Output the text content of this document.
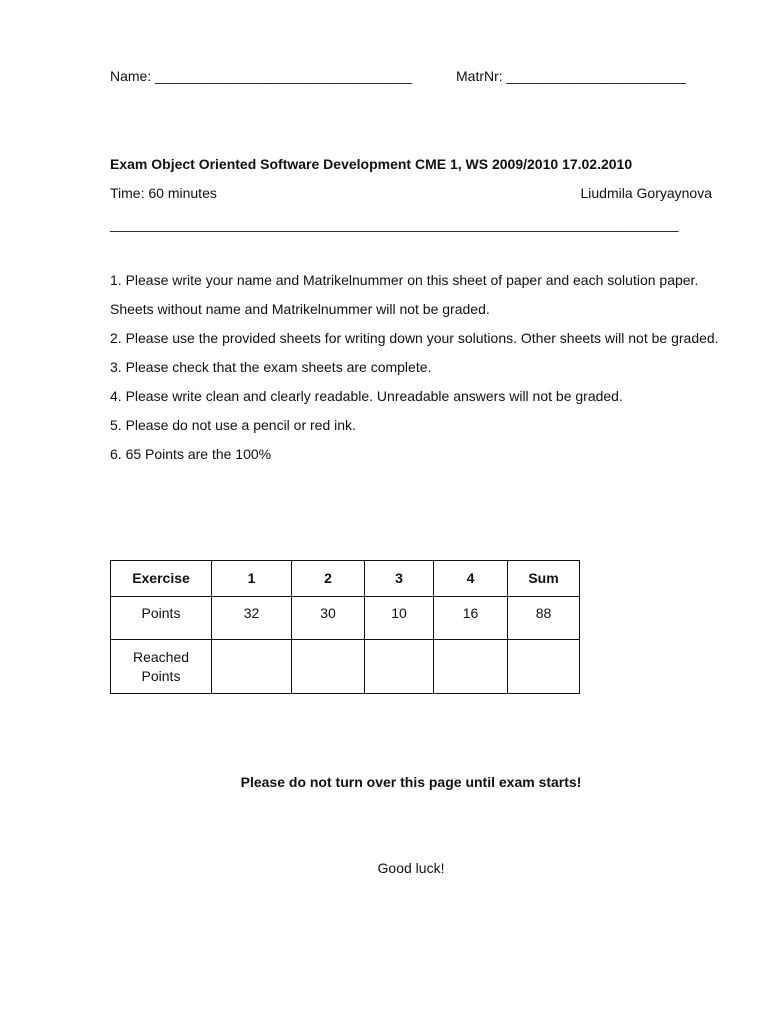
Name: _________________________________	MatrNr: _______________________
Exam Object Oriented Software Development CME 1, WS 2009/2010 17.02.2010
Time: 60 minutes	Liudmila Goryaynova
_________________________________________________________________________
1. Please write your name and Matrikelnummer on this sheet of paper and each solution paper. Sheets without name and Matrikelnummer will not be graded.
2. Please use the provided sheets for writing down your solutions. Other sheets will not be graded.
3. Please check that the exam sheets are complete.
4. Please write clean and clearly readable. Unreadable answers will not be graded.
5. Please do not use a pencil or red ink.
6. 65 Points are the 100%
Exercise	1	2	3	4	Sum
Points	32	30	10	16	88
Reached
Points					
Please do not turn over this page until exam starts!
Good luck!
